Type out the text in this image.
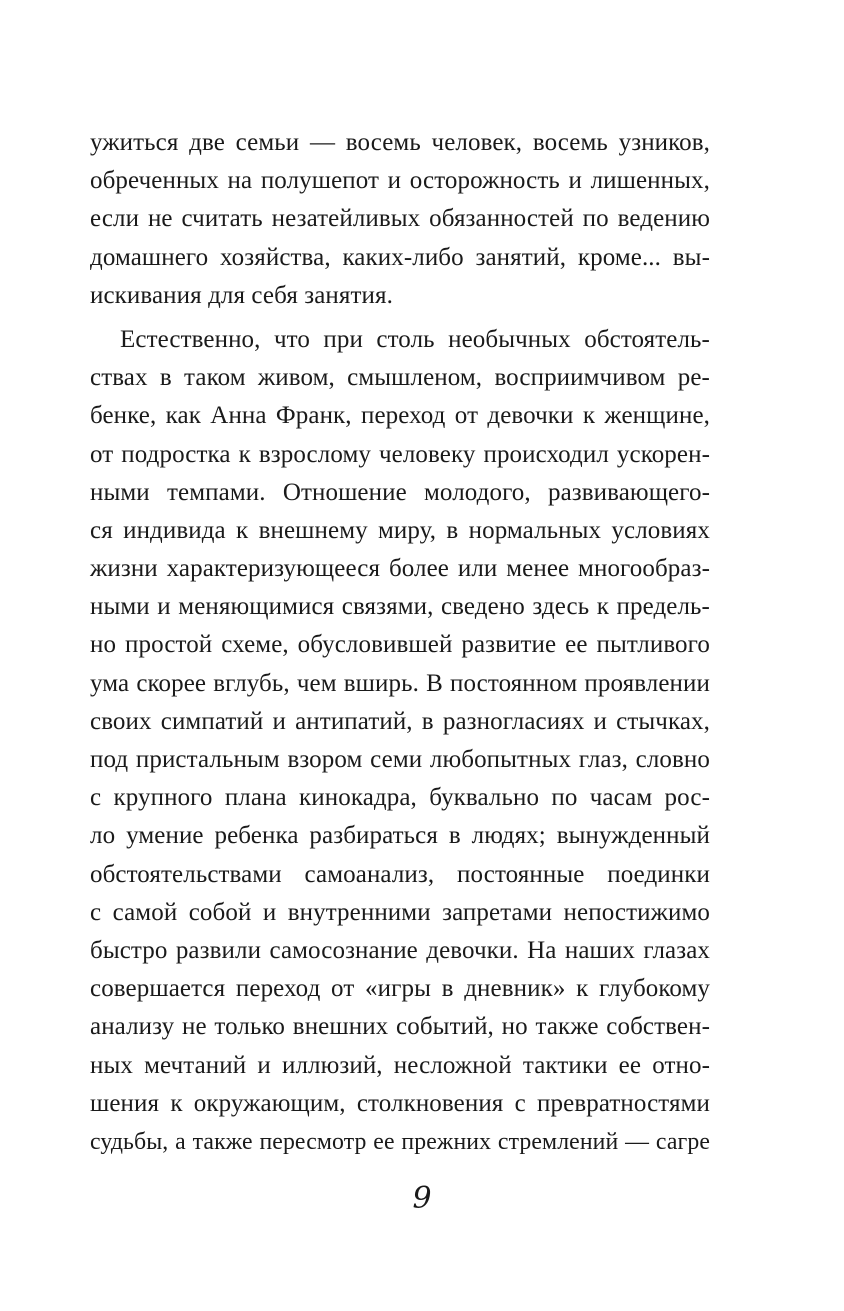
ужиться две семьи — восемь человек, восемь узников,
обреченных на полушепот и осторожность и лишенных,
если не считать незатейливых обязанностей по ведению
домашнего хозяйства, каких-либо занятий, кроме... вы-
искивания для себя занятия.
Естественно, что при столь необычных обстоятель-
ствах в таком живом, смышленом, восприимчивом ре-
бенке, как Анна Франк, переход от девочки к женщине,
от подростка к взрослому человеку происходил ускорен-
ными темпами. Отношение молодого, развивающего-
ся индивида к внешнему миру, в нормальных условиях
жизни характеризующееся более или менее многообраз-
ными и меняющимися связями, сведено здесь к предель-
но простой схеме, обусловившей развитие ее пытливого
ума скорее вглубь, чем вширь. В постоянном проявлении
своих симпатий и антипатий, в разногласиях и стычках,
под пристальным взором семи любопытных глаз, словно
с крупного плана кинокадра, буквально по часам рос-
ло умение ребенка разбираться в людях; вынужденный
обстоятельствами самоанализ, постоянные поединки
с самой собой и внутренними запретами непостижимо
быстро развили самосознание девочки. На наших глазах
совершается переход от «игры в дневник» к глубокому
анализу не только внешних событий, но также собствен-
ных мечтаний и иллюзий, несложной тактики ее отно-
шения к окружающим, столкновения с превратностями
судьбы, а также пересмотр ее прежних стремлений — сагре
9
